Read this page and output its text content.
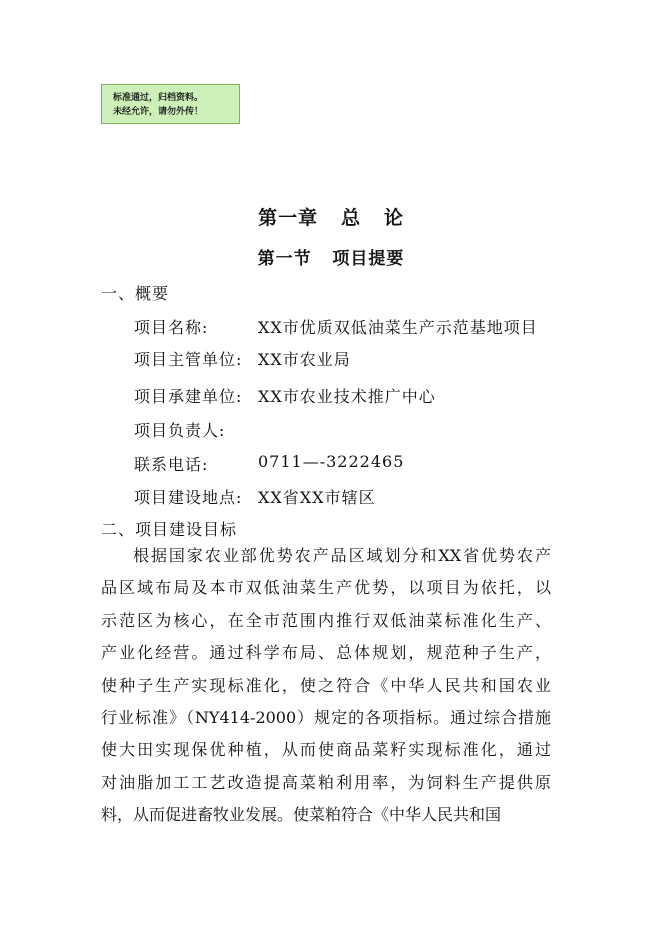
标准通过，归档资料。
未经允许，请勿外传！
第一章   总   论
第一节   项目提要
一、概要
项目名称:	XX市优质双低油菜生产示范基地项目
项目主管单位: XX市农业局
项目承建单位: XX市农业技术推广中心
项目负责人:
联系电话:	0711—-3222465
项目建设地点: XX省XX市辖区
二、项目建设目标
根据国家农业部优势农产品区域划分和XX省优势农产
品区域布局及本市双低油菜生产优势，以项目为依托，以
示范区为核心，在全市范围内推行双低油菜标准化生产、
产业化经营。通过科学布局、总体规划，规范种子生产，
使种子生产实现标准化，使之符合《中华人民共和国农业
行业标准》（NY414-2000）规定的各项指标。通过综合措施
使大田实现保优种植，从而使商品菜籽实现标准化，通过
对油脂加工工艺改造提高菜粕利用率，为饲料生产提供原
料，从而促进畜牧业发展。使菜粕符合《中华人民共和国
